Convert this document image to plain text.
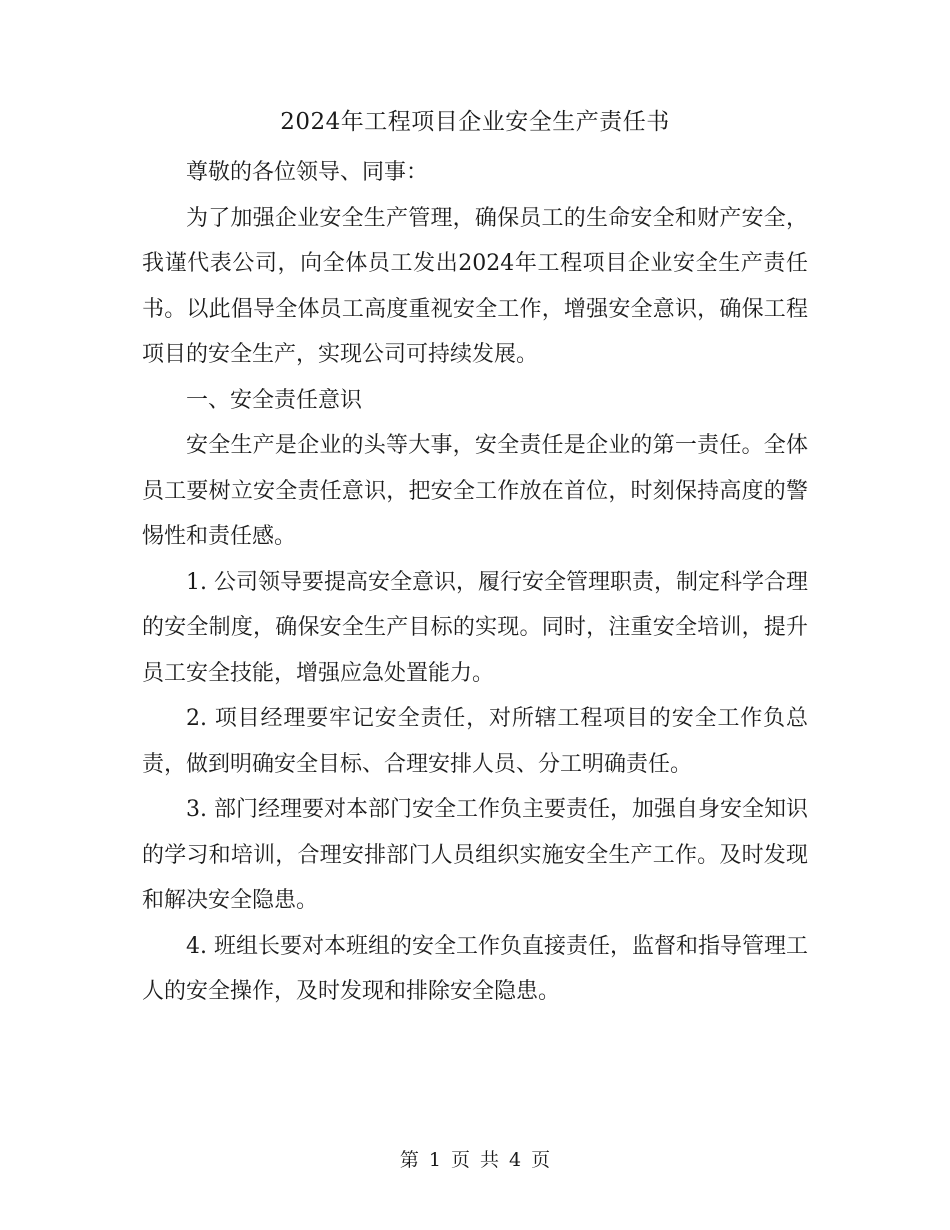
2024年工程项目企业安全生产责任书

尊敬的各位领导、同事：

为了加强企业安全生产管理，确保员工的生命安全和财产安全，我谨代表公司，向全体员工发出2024年工程项目企业安全生产责任书。以此倡导全体员工高度重视安全工作，增强安全意识，确保工程项目的安全生产，实现公司可持续发展。

一、安全责任意识

安全生产是企业的头等大事，安全责任是企业的第一责任。全体员工要树立安全责任意识，把安全工作放在首位，时刻保持高度的警惕性和责任感。

1. 公司领导要提高安全意识，履行安全管理职责，制定科学合理的安全制度，确保安全生产目标的实现。同时，注重安全培训，提升员工安全技能，增强应急处置能力。

2. 项目经理要牢记安全责任，对所辖工程项目的安全工作负总责，做到明确安全目标、合理安排人员、分工明确责任。

3. 部门经理要对本部门安全工作负主要责任，加强自身安全知识的学习和培训，合理安排部门人员组织实施安全生产工作。及时发现和解决安全隐患。

4. 班组长要对本班组的安全工作负直接责任，监督和指导管理工人的安全操作，及时发现和排除安全隐患。

第 1 页 共 4 页
